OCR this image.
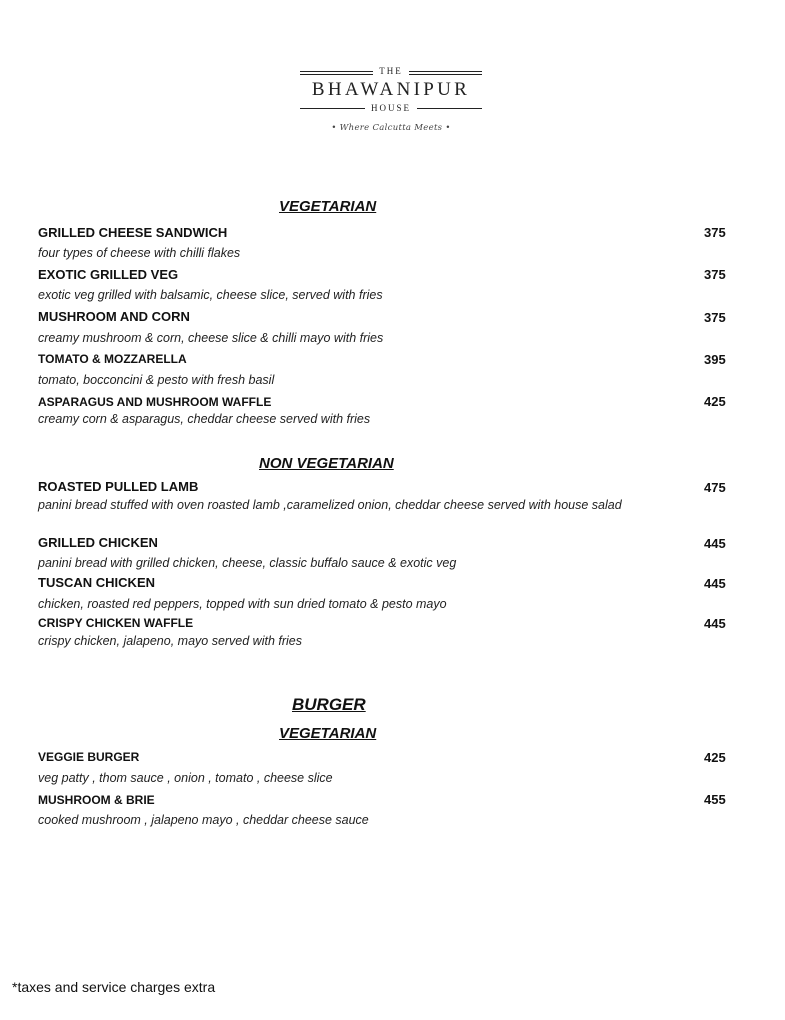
THE
BHAWANIPUR
HOUSE
• Where Calcutta Meets •
VEGETARIAN
GRILLED CHEESE SANDWICH	375
four types of cheese with chilli flakes
EXOTIC GRILLED VEG	375
exotic veg grilled with balsamic, cheese slice, served with fries
MUSHROOM AND CORN	375
creamy mushroom & corn, cheese slice & chilli mayo with fries
TOMATO & MOZZARELLA	395
tomato, bocconcini & pesto with fresh basil
ASPARAGUS AND MUSHROOM WAFFLE	425
creamy corn & asparagus, cheddar cheese served with fries
NON VEGETARIAN
ROASTED PULLED LAMB	475
panini bread stuffed with oven roasted lamb ,caramelized onion, cheddar cheese served with house salad
GRILLED CHICKEN	445
panini bread with grilled chicken, cheese, classic buffalo sauce & exotic veg
TUSCAN CHICKEN	445
chicken, roasted red peppers, topped with sun dried tomato & pesto mayo
CRISPY CHICKEN WAFFLE	445
crispy chicken, jalapeno, mayo served with fries
BURGER
VEGETARIAN
VEGGIE BURGER	425
veg patty , thom sauce , onion , tomato , cheese slice
MUSHROOM & BRIE	455
cooked mushroom , jalapeno mayo , cheddar cheese sauce
*taxes and service charges extra
